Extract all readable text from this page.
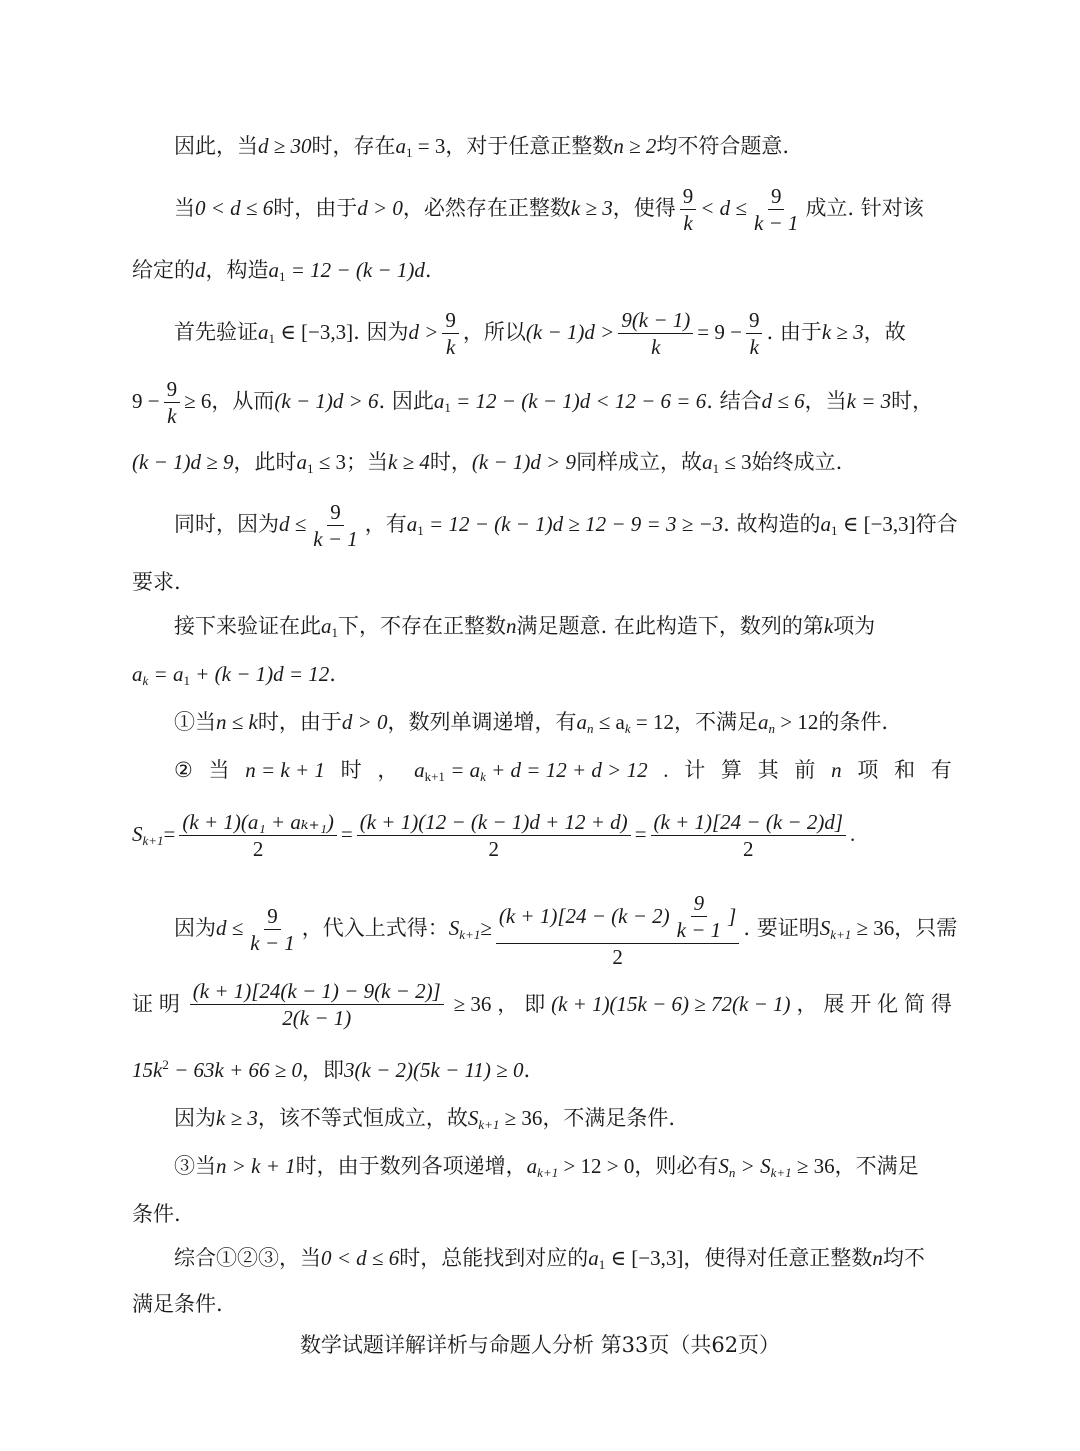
因此，当d ≥ 30时，存在$a_1 = 3$，对于任意正整数n ≥ 2均不符合题意.
当0 < d ≤ 6时，由于d > 0，必然存在正整数k ≥ 3，使得 $\frac{9}{k} < d \le \frac{9}{k - 1}$ 成立. 针对该
给定的d，构造$a_1 = 12 - (k - 1)d$.
首先验证$a_1$ ∈ [−3,3]. 因为$d > \frac{9}{k}$ ，所以$(k - 1)d > \frac{9(k - 1)}{k} = 9 - \frac{9}{k}$ . 由于k ≥ 3，故
$9 - \frac{9}{k} \ge 6$，从而(k − 1)d > 6. 因此$a_1 = 12 - (k - 1)d < 12 - 6 = 6$. 结合d ≤ 6，当k = 3时，
(k − 1)d ≥ 9，此时$a_1 \le 3$；当k ≥ 4时，(k − 1)d > 9同样成立，故$a_1 \le 3$始终成立.
同时，因为$d \le \frac{9}{k - 1}$ ，有$a_1 = 12 - (k - 1)d \ge 12 - 9 = 3 \ge -3$. 故构造的$a_1$ ∈ [−3,3]符合
要求.
接下来验证在此$a_1$下，不存在正整数n满足题意. 在此构造下，数列的第k项为
$a_k = a_1 + (k - 1)d = 12$.
①当n ≤ k时，由于d > 0，数列单调递增，有$a_n \le a_k = 12$，不满足$a_n > 12$的条件.
② 当 n = k + 1 时 ， $a_{k+1} = a_k + d = 12 + d > 12$ . 计 算 其 前 n 项 和 有
$S_{k+1}= \frac{\text{(k + 1)(a₁ + aₖ₊₁)}}{2} = \frac{(k + 1)(12 - (k - 1)d + 12 + d)}{2} = \frac{(k + 1)[24 - (k - 2)d]}{2}$ .
因为$d \le \frac{9}{k - 1}$ ，代入上式得：$S_{k+1}\ge \frac{(k + 1)[24 - (k - 2) \frac{9}{k - 1} ]}{2}$ . 要证明$S_{k+1} \ge 36$，只需
证 明 $\frac{(k + 1)[24(k - 1) - 9(k - 2)]}{2(k - 1)} \ge 36$ ， 即 (k + 1)(15k − 6) ≥ 72(k − 1) ， 展 开 化 简 得
$15k^2 - 63k + 66 \ge 0$，即3(k − 2)(5k − 11) ≥ 0.
因为k ≥ 3，该不等式恒成立，故$S_{k+1} \ge 36$，不满足条件.
③当n > k + 1时，由于数列各项递增，$a_{k+1} > 12 > 0$，则必有$S_n > S_{k+1} \ge 36$，不满足
条件.
综合①②③，当0 < d ≤ 6时，总能找到对应的$a_1$ ∈ [−3,3]，使得对任意正整数n均不
满足条件.
数学试题详解详析与命题人分析 第33页（共62页）
